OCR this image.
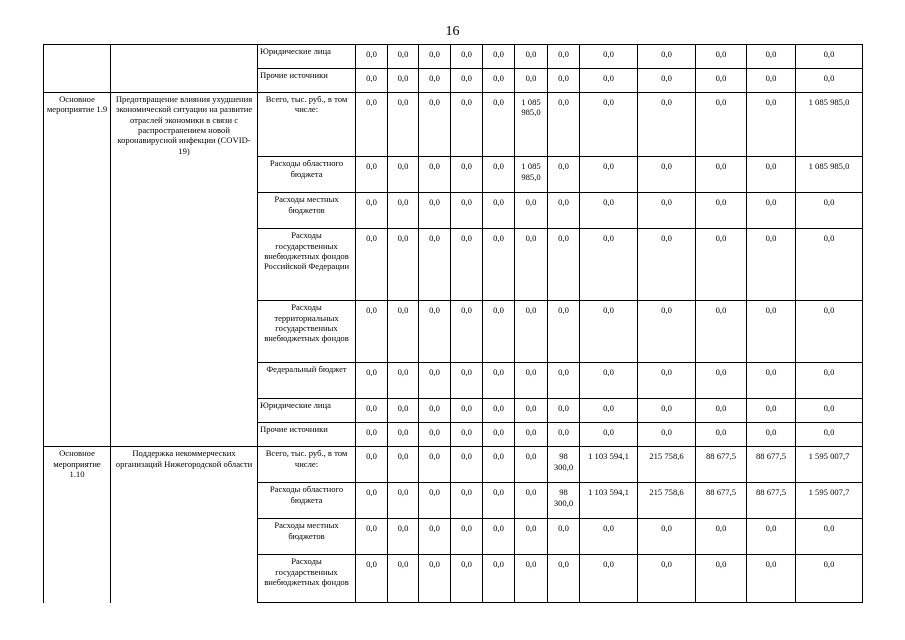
16
		Юридические лица	0,0	0,0	0,0	0,0	0,0	0,0	0,0	0,0	0,0	0,0	0,0	0,0
		Прочие источники	0,0	0,0	0,0	0,0	0,0	0,0	0,0	0,0	0,0	0,0	0,0	0,0
Основное мероприятие 1.9	Предотвращение влияния ухудшения экономической ситуации на развитие отраслей экономики в связи с распространением новой коронавирусной инфекции (COVID-19)	Всего, тыс. руб., в том числе:	0,0	0,0	0,0	0,0	0,0	1 085 985,0	0,0	0,0	0,0	0,0	0,0	1 085 985,0
		Расходы областного бюджета	0,0	0,0	0,0	0,0	0,0	1 085 985,0	0,0	0,0	0,0	0,0	0,0	1 085 985,0
		Расходы местных бюджетов	0,0	0,0	0,0	0,0	0,0	0,0	0,0	0,0	0,0	0,0	0,0	0,0
		Расходы государственных внебюджетных фондов Российской Федерации	0,0	0,0	0,0	0,0	0,0	0,0	0,0	0,0	0,0	0,0	0,0	0,0
		Расходы территориальных государственных внебюджетных фондов	0,0	0,0	0,0	0,0	0,0	0,0	0,0	0,0	0,0	0,0	0,0	0,0
		Федеральный бюджет	0,0	0,0	0,0	0,0	0,0	0,0	0,0	0,0	0,0	0,0	0,0	0,0
		Юридические лица	0,0	0,0	0,0	0,0	0,0	0,0	0,0	0,0	0,0	0,0	0,0	0,0
		Прочие источники	0,0	0,0	0,0	0,0	0,0	0,0	0,0	0,0	0,0	0,0	0,0	0,0
Основное мероприятие 1.10	Поддержка некоммерческих организаций Нижегородской области	Всего, тыс. руб., в том числе:	0,0	0,0	0,0	0,0	0,0	0,0	98 300,0	1 103 594,1	215 758,6	88 677,5	88 677,5	1 595 007,7
		Расходы областного бюджета	0,0	0,0	0,0	0,0	0,0	0,0	98 300,0	1 103 594,1	215 758,6	88 677,5	88 677,5	1 595 007,7
		Расходы местных бюджетов	0,0	0,0	0,0	0,0	0,0	0,0	0,0	0,0	0,0	0,0	0,0	0,0
		Расходы государственных внебюджетных фондов	0,0	0,0	0,0	0,0	0,0	0,0	0,0	0,0	0,0	0,0	0,0	0,0
